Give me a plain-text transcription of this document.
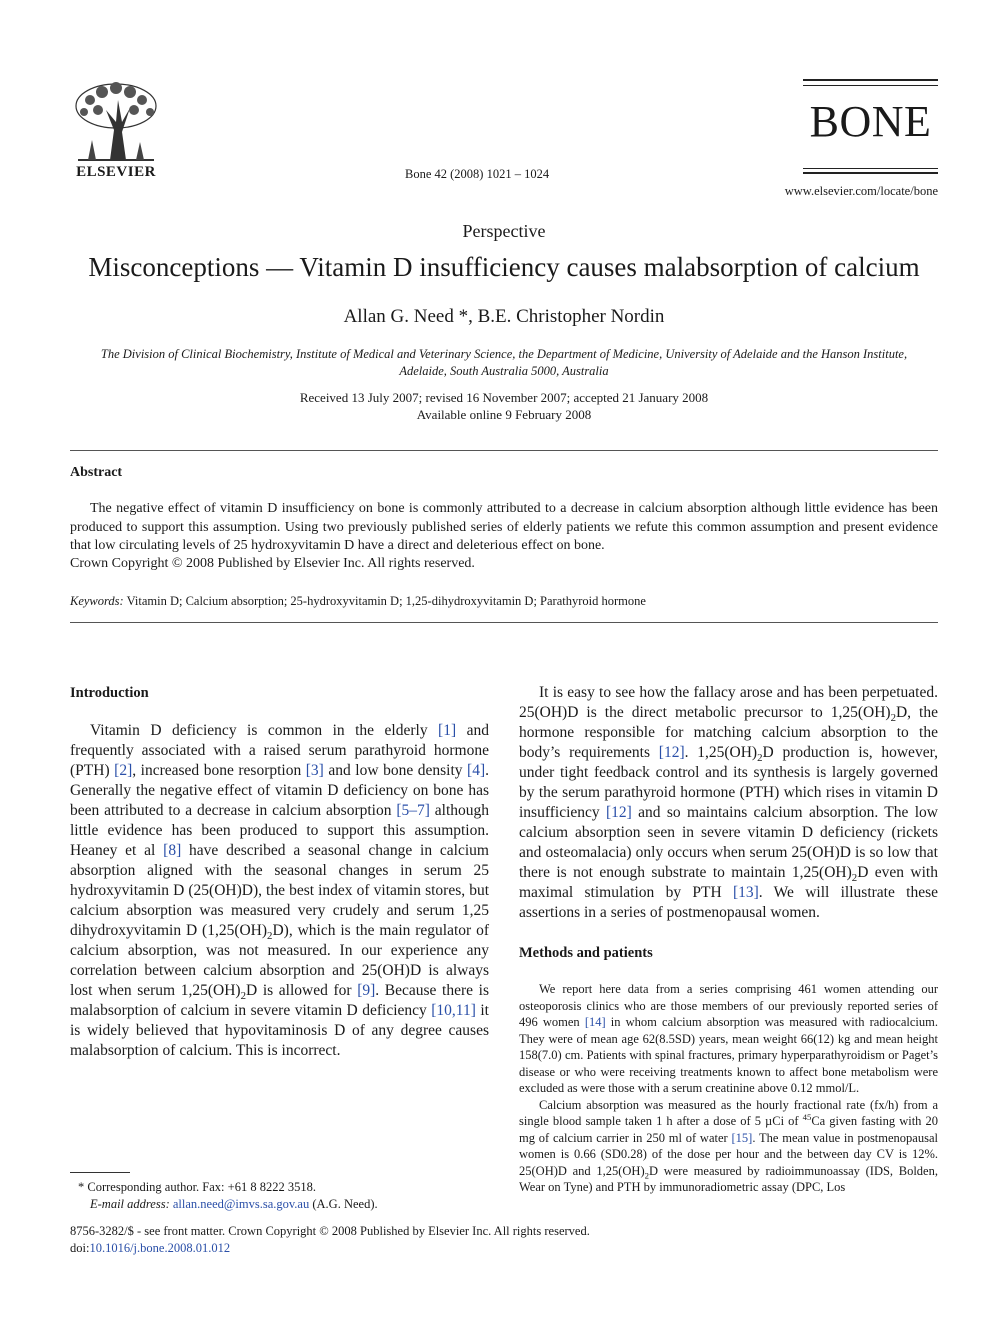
ELSEVIER	Bone 42 (2008) 1021 – 1024
BONE
www.elsevier.com/locate/bone
Perspective
Misconceptions — Vitamin D insufficiency causes malabsorption of calcium
Allan G. Need *, B.E. Christopher Nordin
The Division of Clinical Biochemistry, Institute of Medical and Veterinary Science, the Department of Medicine, University of Adelaide and the Hanson Institute,
Adelaide, South Australia 5000, Australia
Received 13 July 2007; revised 16 November 2007; accepted 21 January 2008
Available online 9 February 2008
Abstract
The negative effect of vitamin D insufficiency on bone is commonly attributed to a decrease in calcium absorption although little evidence has been produced to support this assumption. Using two previously published series of elderly patients we refute this common assumption and present evidence that low circulating levels of 25 hydroxyvitamin D have a direct and deleterious effect on bone.
Crown Copyright © 2008 Published by Elsevier Inc. All rights reserved.
Keywords: Vitamin D; Calcium absorption; 25-hydroxyvitamin D; 1,25-dihydroxyvitamin D; Parathyroid hormone
Introduction

Vitamin D deficiency is common in the elderly [1] and frequently associated with a raised serum parathyroid hormone (PTH) [2], increased bone resorption [3] and low bone density [4]. Generally the negative effect of vitamin D deficiency on bone has been attributed to a decrease in calcium absorption [5–7] although little evidence has been produced to support this assumption. Heaney et al [8] have described a seasonal change in calcium absorption aligned with the seasonal changes in serum 25 hydroxyvitamin D (25(OH)D), the best index of vitamin stores, but calcium absorption was measured very crudely and serum 1,25 dihydroxyvitamin D $(1,25(OH)_2D)$, which is the main regulator of calcium absorption, was not measured. In our experience any correlation between calcium absorption and 25(OH)D is always lost when serum $1,25(OH)_2D$ is allowed for [9]. Because there is malabsorption of calcium in severe vitamin D deficiency [10,11] it is widely believed that hypovitaminosis D of any degree causes malabsorption of calcium. This is incorrect.

It is easy to see how the fallacy arose and has been perpetuated. 25(OH)D is the direct metabolic precursor to $1,25(OH)_2D$, the hormone responsible for matching calcium absorption to the body’s requirements [12]. $1,25(OH)_2D$ production is, however, under tight feedback control and its synthesis is largely governed by the serum parathyroid hormone (PTH) which rises in vitamin D insufficiency [12] and so maintains calcium absorption. The low calcium absorption seen in severe vitamin D deficiency (rickets and osteomalacia) only occurs when serum 25(OH)D is so low that there is not enough substrate to maintain $1,25(OH)_2D$ even with maximal stimulation by PTH [13]. We will illustrate these assertions in a series of postmenopausal women.

Methods and patients

We report here data from a series comprising 461 women attending our osteoporosis clinics who are those members of our previously reported series of 496 women [14] in whom calcium absorption was measured with radiocalcium. They were of mean age 62(8.5SD) years, mean weight 66(12) kg and mean height 158(7.0) cm. Patients with spinal fractures, primary hyperparathyroidism or Paget’s disease or who were receiving treatments known to affect bone metabolism were excluded as were those with a serum creatinine above 0.12 mmol/L.

Calcium absorption was measured as the hourly fractional rate (fx/h) from a single blood sample taken 1 h after a dose of 5 µCi of $^{45}$Ca given fasting with 20 mg of calcium carrier in 250 ml of water [15]. The mean value in postmenopausal women is 0.66 (SD0.28) of the dose per hour and the between day CV is 12%. 25(OH)D and $1,25(OH)_2D$ were measured by radioimmunoassay (IDS, Bolden, Wear on Tyne) and PTH by immunoradiometric assay (DPC, Los

* Corresponding author. Fax: +61 8 8222 3518.
E-mail address: allan.need@imvs.sa.gov.au (A.G. Need).
8756-3282/$ - see front matter. Crown Copyright © 2008 Published by Elsevier Inc. All rights reserved.
doi:10.1016/j.bone.2008.01.012
